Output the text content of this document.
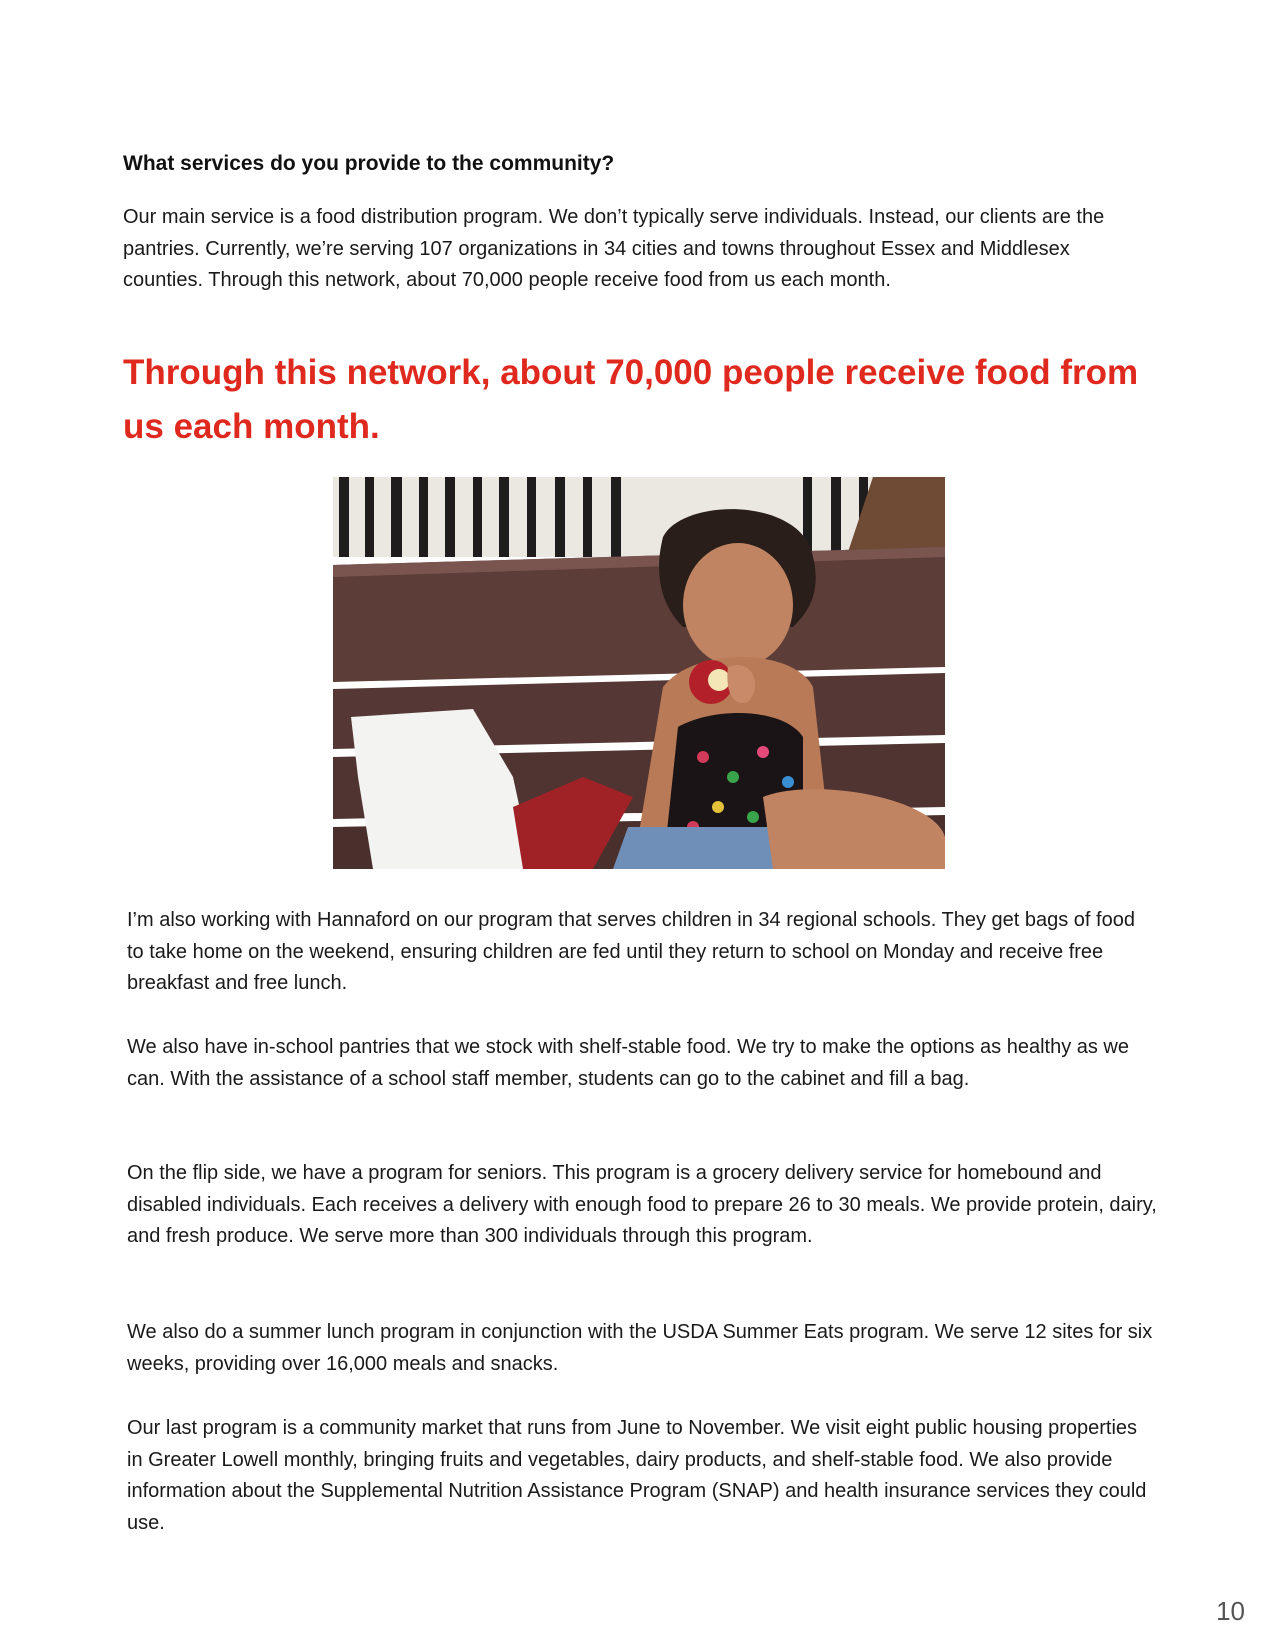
What services do you provide to the community?

Our main service is a food distribution program. We don’t typically serve individuals. Instead, our clients are the pantries. Currently, we’re serving 107 organizations in 34 cities and towns throughout Essex and Middlesex counties. Through this network, about 70,000 people receive food from us each month.

Through this network, about 70,000 people receive food from us each month.

I’m also working with Hannaford on our program that serves children in 34 regional schools. They get bags of food to take home on the weekend, ensuring children are fed until they return to school on Monday and receive free breakfast and free lunch.

We also have in-school pantries that we stock with shelf-stable food. We try to make the options as healthy as we can. With the assistance of a school staff member, students can go to the cabinet and fill a bag.

On the flip side, we have a program for seniors. This program is a grocery delivery service for homebound and disabled individuals. Each receives a delivery with enough food to prepare 26 to 30 meals. We provide protein, dairy, and fresh produce. We serve more than 300 individuals through this program.

We also do a summer lunch program in conjunction with the USDA Summer Eats program. We serve 12 sites for six weeks, providing over 16,000 meals and snacks.

Our last program is a community market that runs from June to November. We visit eight public housing properties in Greater Lowell monthly, bringing fruits and vegetables, dairy products, and shelf-stable food. We also provide information about the Supplemental Nutrition Assistance Program (SNAP) and health insurance services they could use.

10
